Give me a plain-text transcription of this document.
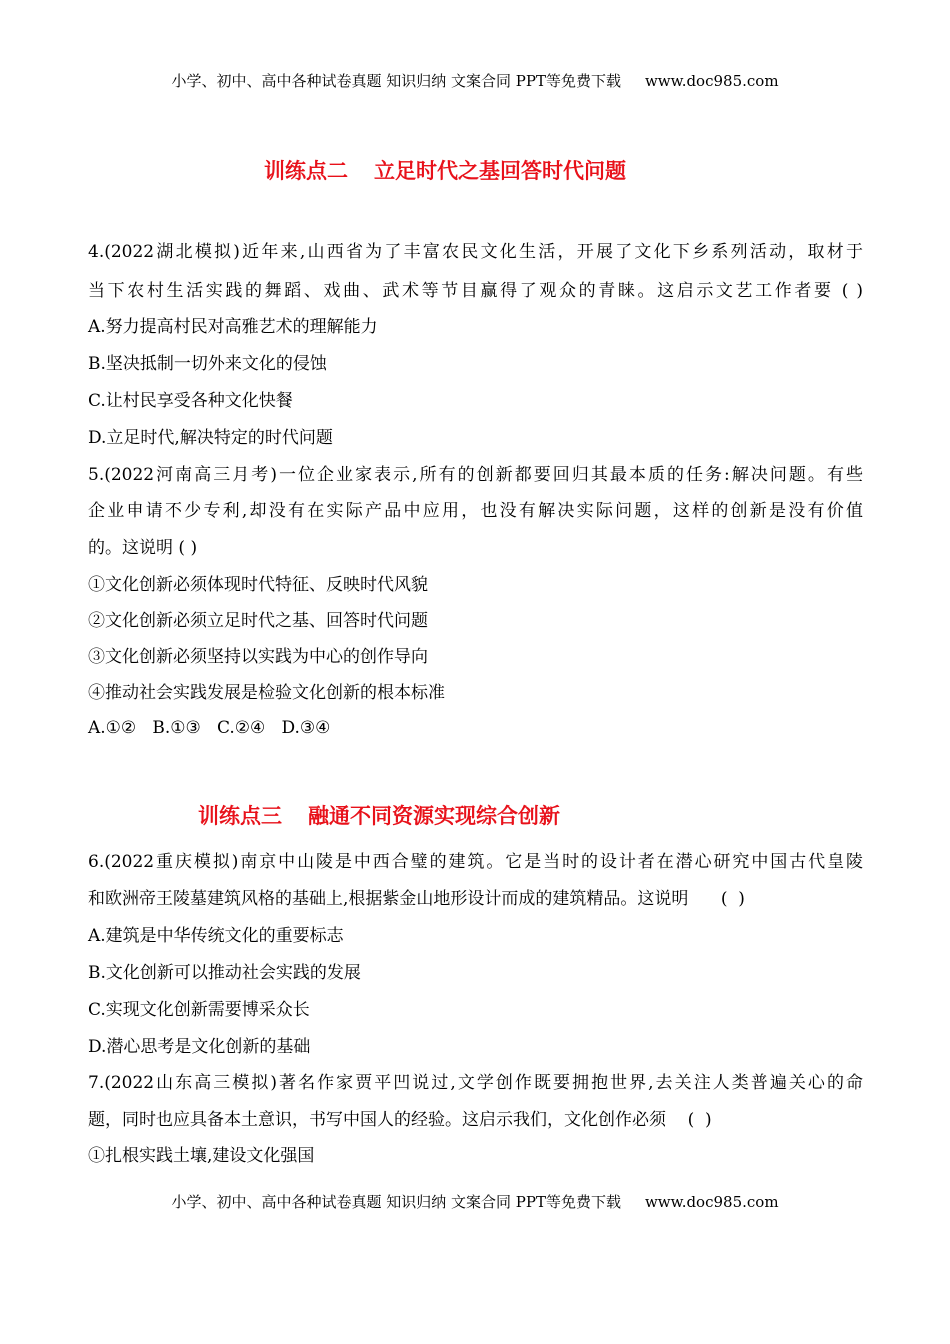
小学、初中、高中各种试卷真题 知识归纳 文案合同 PPT等免费下载 www.doc985.com
训练点二 立足时代之基回答时代问题
4.(2022湖北模拟)近年来,山西省为了丰富农民文化生活，开展了文化下乡系列活动，取材于
当下农村生活实践的舞蹈、戏曲、武术等节目赢得了观众的青睐。这启示文艺工作者要 ( )
A.努力提高村民对高雅艺术的理解能力
B.坚决抵制一切外来文化的侵蚀
C.让村民享受各种文化快餐
D.立足时代,解决特定的时代问题
5.(2022河南高三月考)一位企业家表示,所有的创新都要回归其最本质的任务:解决问题。有些
企业申请不少专利,却没有在实际产品中应用，也没有解决实际问题，这样的创新是没有价值
的。这说明 ( )
①文化创新必须体现时代特征、反映时代风貌
②文化创新必须立足时代之基、回答时代问题
③文化创新必须坚持以实践为中心的创作导向
④推动社会实践发展是检验文化创新的根本标准
A.①②   B.①③   C.②④   D.③④
训练点三 融通不同资源实现综合创新
6.(2022重庆模拟)南京中山陵是中西合璧的建筑。它是当时的设计者在潜心研究中国古代皇陵
和欧洲帝王陵墓建筑风格的基础上,根据紫金山地形设计而成的建筑精品。这说明      (  )
A.建筑是中华传统文化的重要标志
B.文化创新可以推动社会实践的发展
C.实现文化创新需要博采众长
D.潜心思考是文化创新的基础
7.(2022山东高三模拟)著名作家贾平凹说过,文学创作既要拥抱世界,去关注人类普遍关心的命
题，同时也应具备本土意识，书写中国人的经验。这启示我们，文化创作必须    (  )
①扎根实践土壤,建设文化强国
小学、初中、高中各种试卷真题 知识归纳 文案合同 PPT等免费下载 www.doc985.com
